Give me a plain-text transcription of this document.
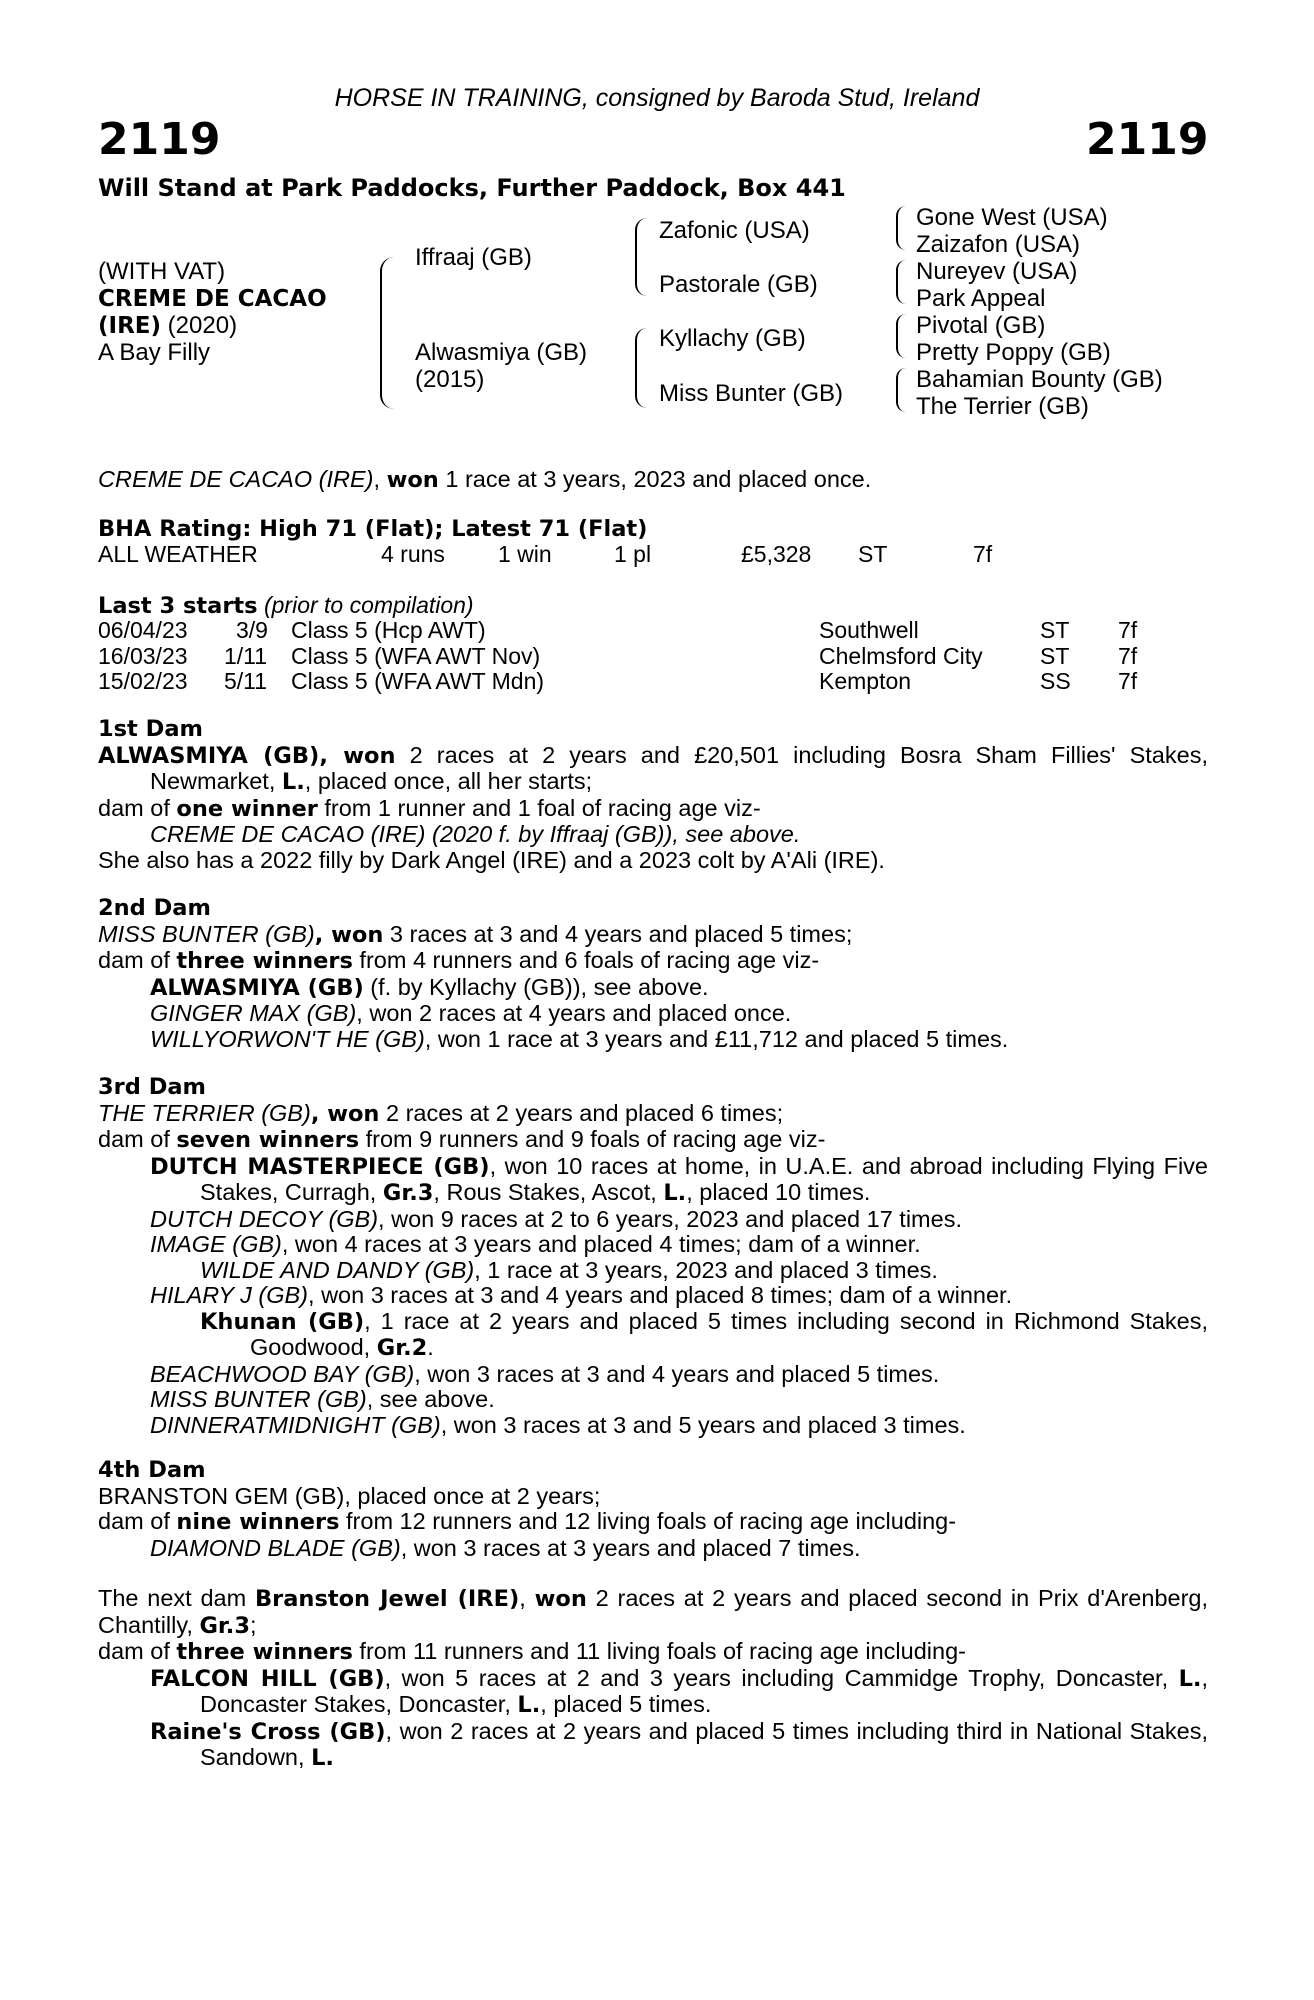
HORSE IN TRAINING, consigned by Baroda Stud, Ireland
2119	2119
Will Stand at Park Paddocks, Further Paddock, Box 441
(WITH VAT)
CREME DE CACAO
(IRE) (2020)
A Bay Filly
Iffraaj (GB)
Alwasmiya (GB)
(2015)
Zafonic (USA)
Pastorale (GB)
Kyllachy (GB)
Miss Bunter (GB)
Gone West (USA)
Zaizafon (USA)
Nureyev (USA)
Park Appeal
Pivotal (GB)
Pretty Poppy (GB)
Bahamian Bounty (GB)
The Terrier (GB)
CREME DE CACAO (IRE), won 1 race at 3 years, 2023 and placed once.
BHA Rating: High 71 (Flat); Latest 71 (Flat)
ALL WEATHER	4 runs 1 win	1 pl	£5,328 ST	7f
Last 3 starts (prior to compilation)
06/04/23 3/9 Class 5 (Hcp AWT)	Southwell	ST 7f
16/03/23 1/11 Class 5 (WFA AWT Nov)	Chelmsford City ST 7f
15/02/23 5/11 Class 5 (WFA AWT Mdn)	Kempton	SS 7f

1st Dam

ALWASMIYA (GB), won 2 races at 2 years and £20,501 including Bosra Sham Fillies' Stakes, Newmarket, L., placed once, all her starts;

dam of one winner from 1 runner and 1 foal of racing age viz-

CREME DE CACAO (IRE) (2020 f. by Iffraaj (GB)), see above.

She also has a 2022 filly by Dark Angel (IRE) and a 2023 colt by A'Ali (IRE).

2nd Dam

MISS BUNTER (GB), won 3 races at 3 and 4 years and placed 5 times;

dam of three winners from 4 runners and 6 foals of racing age viz-

ALWASMIYA (GB) (f. by Kyllachy (GB)), see above.

GINGER MAX (GB), won 2 races at 4 years and placed once.

WILLYORWON'T HE (GB), won 1 race at 3 years and £11,712 and placed 5 times.

3rd Dam

THE TERRIER (GB), won 2 races at 2 years and placed 6 times;

dam of seven winners from 9 runners and 9 foals of racing age viz-

DUTCH MASTERPIECE (GB), won 10 races at home, in U.A.E. and abroad including Flying Five Stakes, Curragh, Gr.3, Rous Stakes, Ascot, L., placed 10 times.

DUTCH DECOY (GB), won 9 races at 2 to 6 years, 2023 and placed 17 times.

IMAGE (GB), won 4 races at 3 years and placed 4 times; dam of a winner.

WILDE AND DANDY (GB), 1 race at 3 years, 2023 and placed 3 times.

HILARY J (GB), won 3 races at 3 and 4 years and placed 8 times; dam of a winner.

Khunan (GB), 1 race at 2 years and placed 5 times including second in Richmond Stakes, Goodwood, Gr.2.

BEACHWOOD BAY (GB), won 3 races at 3 and 4 years and placed 5 times.

MISS BUNTER (GB), see above.

DINNERATMIDNIGHT (GB), won 3 races at 3 and 5 years and placed 3 times.

4th Dam

BRANSTON GEM (GB), placed once at 2 years;

dam of nine winners from 12 runners and 12 living foals of racing age including-

DIAMOND BLADE (GB), won 3 races at 3 years and placed 7 times.

The next dam Branston Jewel (IRE), won 2 races at 2 years and placed second in Prix d'Arenberg, Chantilly, Gr.3;

dam of three winners from 11 runners and 11 living foals of racing age including-

FALCON HILL (GB), won 5 races at 2 and 3 years including Cammidge Trophy, Doncaster, L., Doncaster Stakes, Doncaster, L., placed 5 times.

Raine's Cross (GB), won 2 races at 2 years and placed 5 times including third in National Stakes, Sandown, L.
